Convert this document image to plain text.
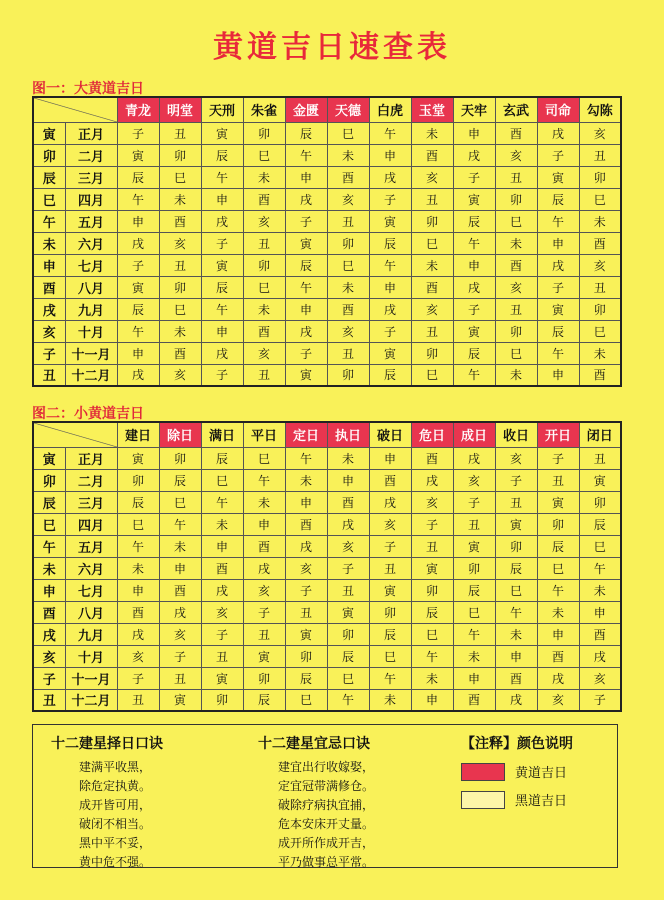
黄道吉日速查表
图一：大黄道吉日
		青龙	明堂	天刑	朱雀	金匮	天德	白虎	玉堂	天牢	玄武	司命	勾陈
寅	正月	子	丑	寅	卯	辰	巳	午	未	申	酉	戌	亥
卯	二月	寅	卯	辰	巳	午	未	申	酉	戌	亥	子	丑
辰	三月	辰	巳	午	未	申	酉	戌	亥	子	丑	寅	卯
巳	四月	午	未	申	酉	戌	亥	子	丑	寅	卯	辰	巳
午	五月	申	酉	戌	亥	子	丑	寅	卯	辰	巳	午	未
未	六月	戌	亥	子	丑	寅	卯	辰	巳	午	未	申	酉
申	七月	子	丑	寅	卯	辰	巳	午	未	申	酉	戌	亥
酉	八月	寅	卯	辰	巳	午	未	申	酉	戌	亥	子	丑
戌	九月	辰	巳	午	未	申	酉	戌	亥	子	丑	寅	卯
亥	十月	午	未	申	酉	戌	亥	子	丑	寅	卯	辰	巳
子	十一月	申	酉	戌	亥	子	丑	寅	卯	辰	巳	午	未
丑	十二月	戌	亥	子	丑	寅	卯	辰	巳	午	未	申	酉
图二：小黄道吉日
		建日	除日	满日	平日	定日	执日	破日	危日	成日	收日	开日	闭日
寅	正月	寅	卯	辰	巳	午	未	申	酉	戌	亥	子	丑
卯	二月	卯	辰	巳	午	未	申	酉	戌	亥	子	丑	寅
辰	三月	辰	巳	午	未	申	酉	戌	亥	子	丑	寅	卯
巳	四月	巳	午	未	申	酉	戌	亥	子	丑	寅	卯	辰
午	五月	午	未	申	酉	戌	亥	子	丑	寅	卯	辰	巳
未	六月	未	申	酉	戌	亥	子	丑	寅	卯	辰	巳	午
申	七月	申	酉	戌	亥	子	丑	寅	卯	辰	巳	午	未
酉	八月	酉	戌	亥	子	丑	寅	卯	辰	巳	午	未	申
戌	九月	戌	亥	子	丑	寅	卯	辰	巳	午	未	申	酉
亥	十月	亥	子	丑	寅	卯	辰	巳	午	未	申	酉	戌
子	十一月	子	丑	寅	卯	辰	巳	午	未	申	酉	戌	亥
丑	十二月	丑	寅	卯	辰	巳	午	未	申	酉	戌	亥	子
十二建星择日口诀
建满平收黑，
除危定执黄。
成开皆可用，
破闭不相当。
黑中平不妥，
黄中危不强。
十二建星宜忌口诀
建宜出行收嫁娶，
定宜冠带满修仓。
破除疗病执宜捕，
危本安床开丈量。
成开所作成开吉，
平乃做事总平常。
【注释】颜色说明
黄道吉日
黑道吉日
